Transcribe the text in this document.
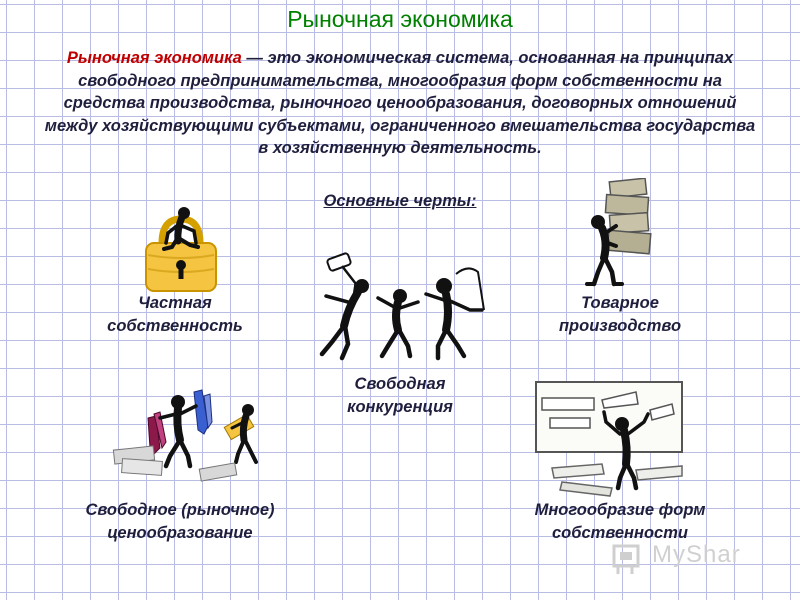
Рыночная экономика
Рыночная экономика — это экономическая система, основанная на принципах свободного предпринимательства, многообразия форм собственности на средства производства, рыночного ценообразования, договорных отношений между хозяйствующими субъектами, ограниченного вмешательства государства в хозяйственную деятельность.
Основные черты:
Частная
собственность
Товарное
производство
Свободная
конкуренция
Свободное (рыночное)
ценообразование
Многообразие форм
собственности
MyShar
